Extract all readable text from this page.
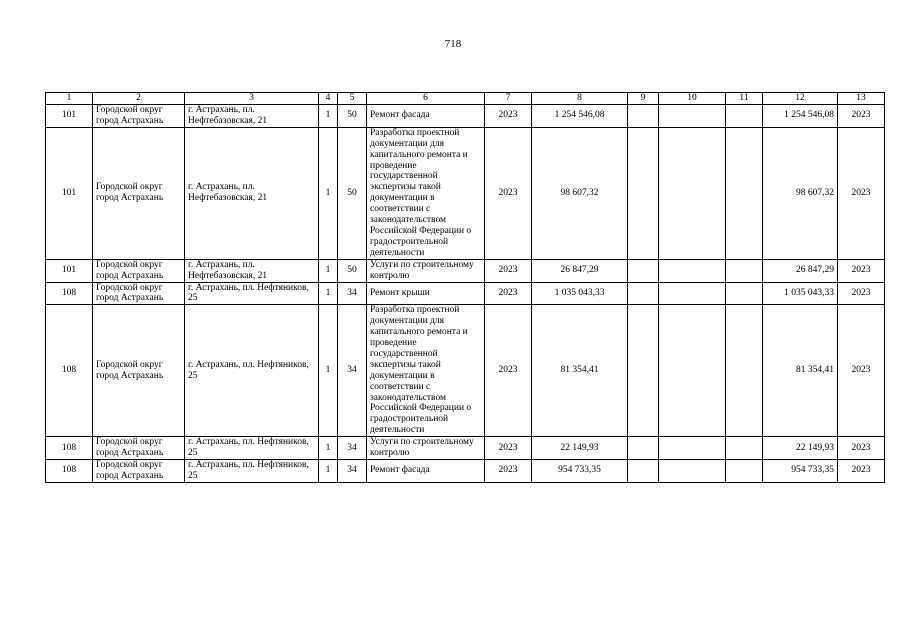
718
1	2	3	4	5	6	7	8	9	10	11	12	13
101	Городской округ город Астрахань	г. Астрахань, пл. Нефтебазовская, 21	1	50	Ремонт фасада	2023	1 254 546,08				1 254 546,08	2023
101	Городской округ город Астрахань	г. Астрахань, пл. Нефтебазовская, 21	1	50	Разработка проектной документации для капитального ремонта и проведение государственной экспертизы такой документации в соответствии с законодательством Российской Федерации о градостроительной деятельности	2023	98 607,32				98 607,32	2023
101	Городской округ город Астрахань	г. Астрахань, пл. Нефтебазовская, 21	1	50	Услуги по строительному контролю	2023	26 847,29				26 847,29	2023
108	Городской округ город Астрахань	г. Астрахань, пл. Нефтяников, 25	1	34	Ремонт крыши	2023	1 035 043,33				1 035 043,33	2023
108	Городской округ город Астрахань	г. Астрахань, пл. Нефтяников, 25	1	34	Разработка проектной документации для капитального ремонта и проведение государственной экспертизы такой документации в соответствии с законодательством Российской Федерации о градостроительной деятельности	2023	81 354,41				81 354,41	2023
108	Городской округ город Астрахань	г. Астрахань, пл. Нефтяников, 25	1	34	Услуги по строительному контролю	2023	22 149,93				22 149,93	2023
108	Городской округ город Астрахань	г. Астрахань, пл. Нефтяников, 25	1	34	Ремонт фасада	2023	954 733,35				954 733,35	2023
